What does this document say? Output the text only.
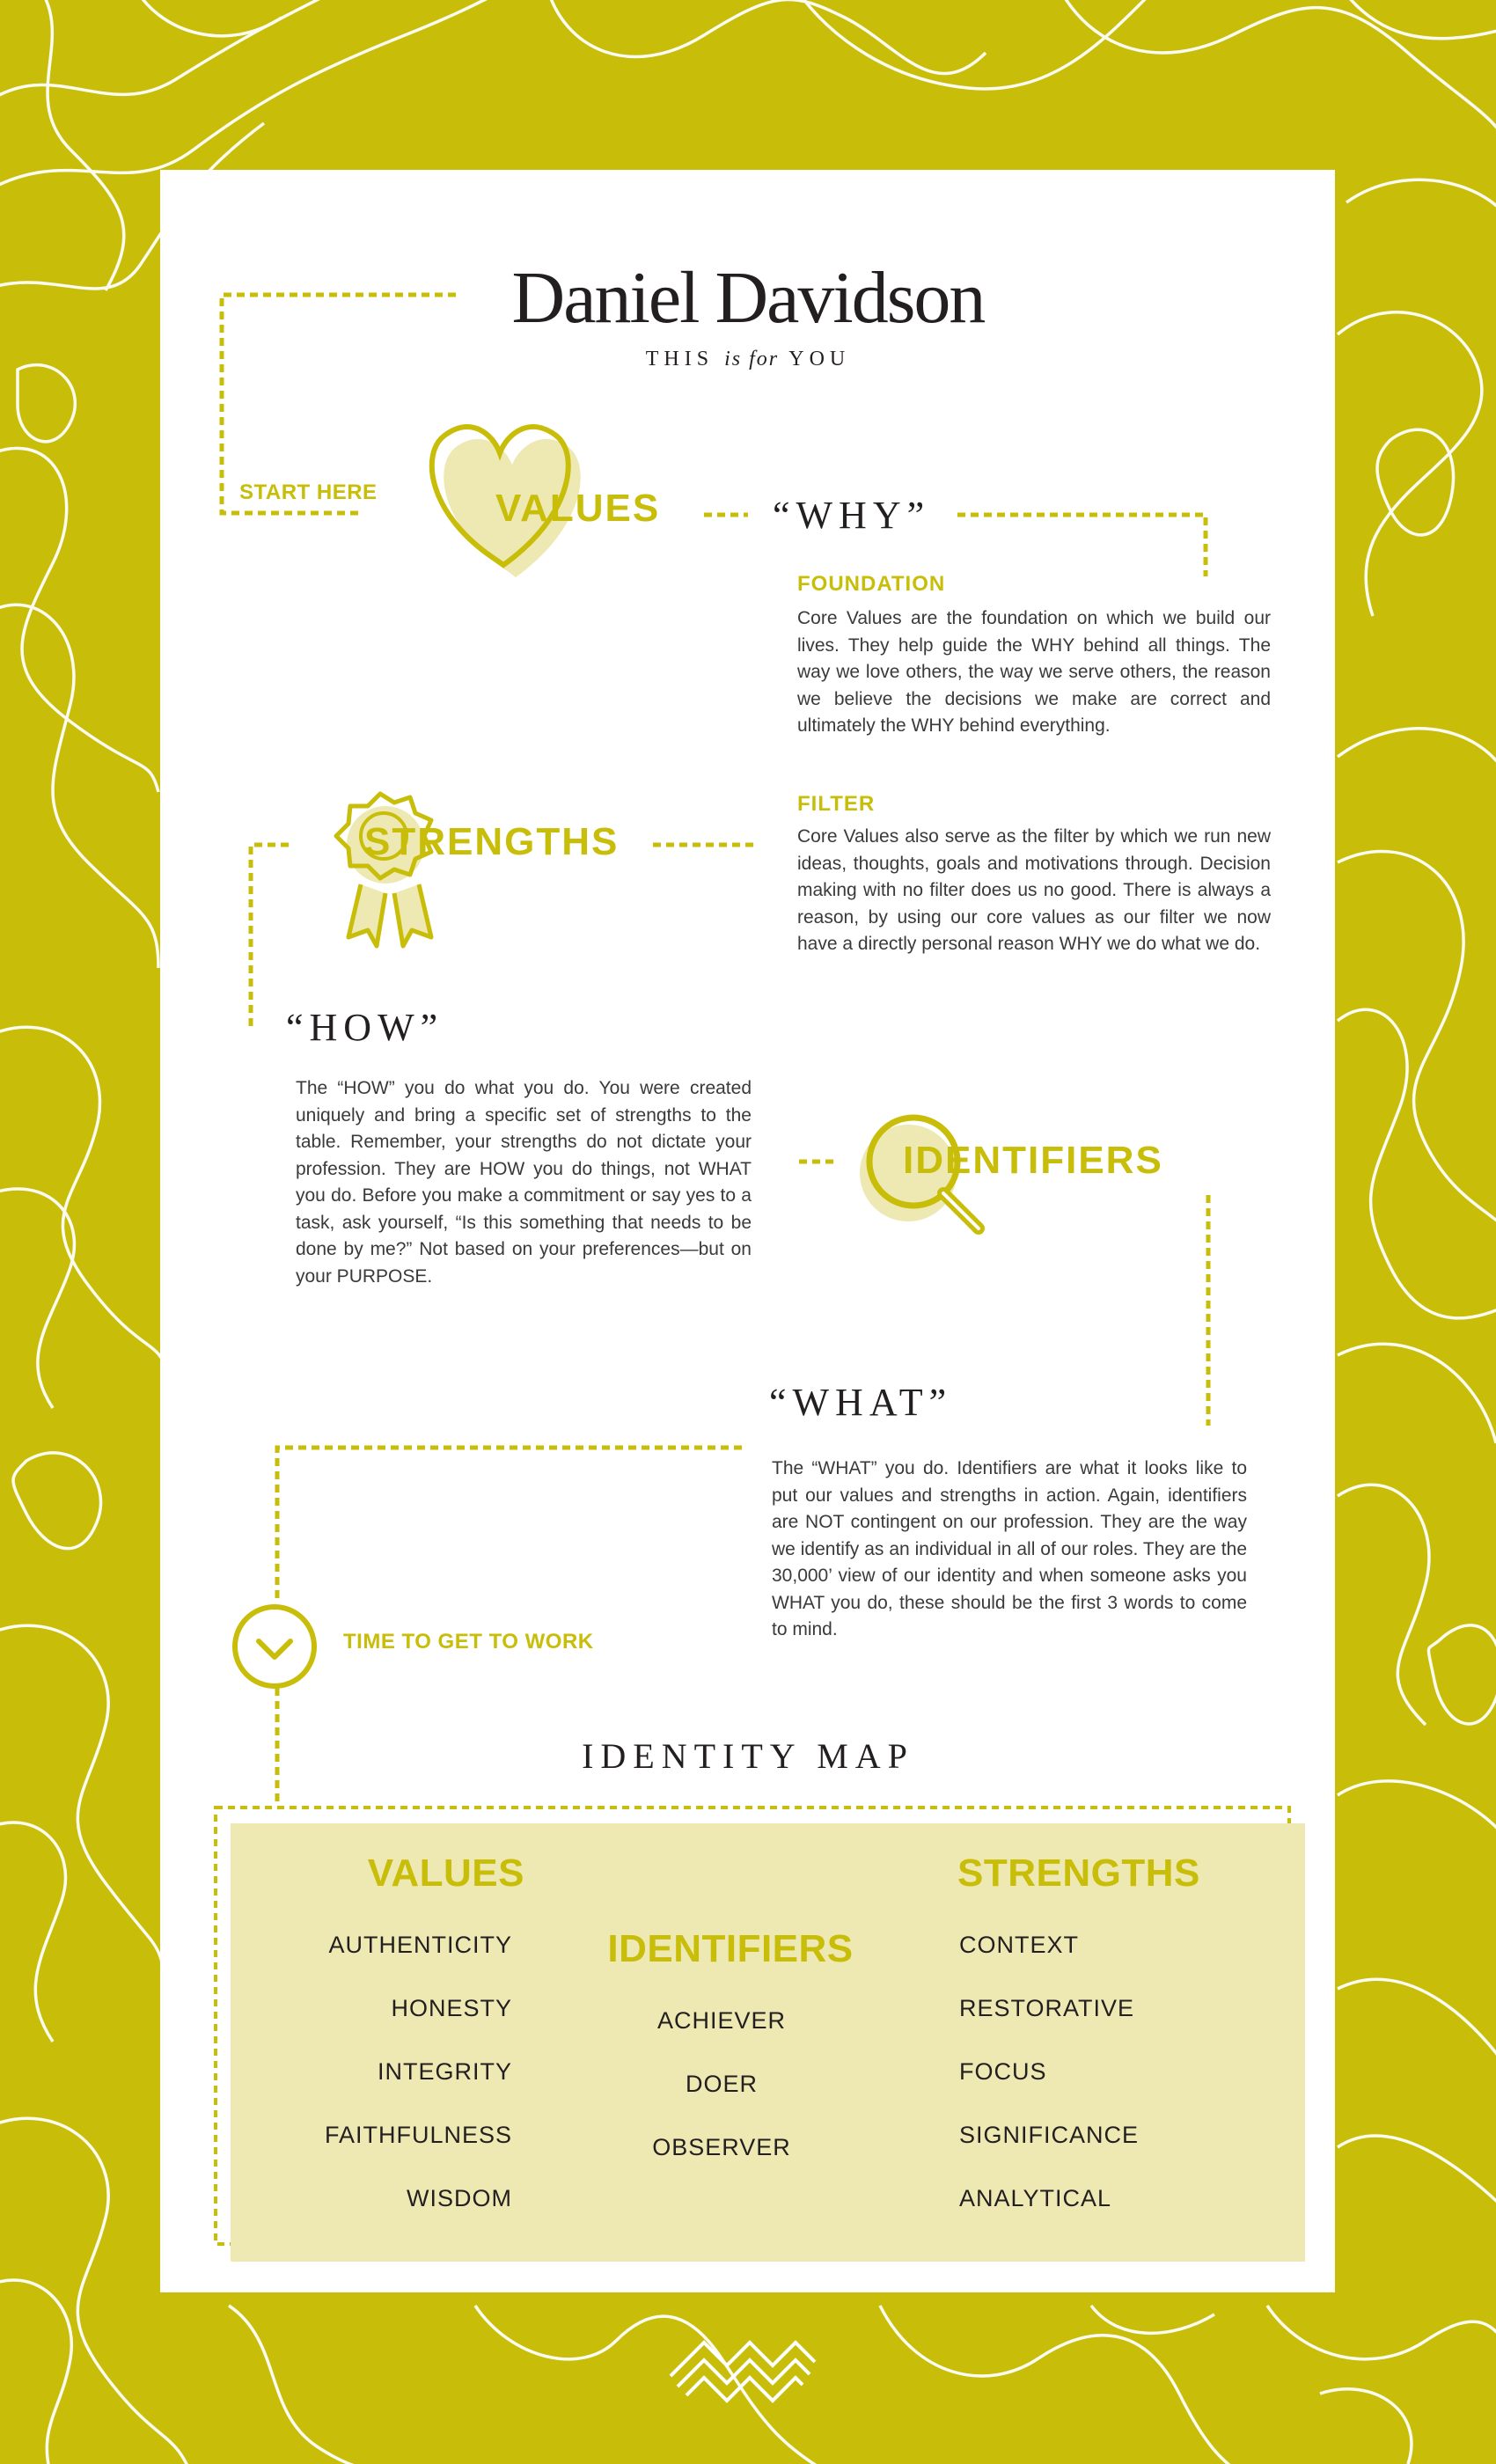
Daniel Davidson
THIS is for YOU
START HERE	VALUES	“WHY”
FOUNDATION

Core Values are the foundation on which we build our lives. They help guide the WHY behind all things. The way we love others, the way we serve others, the reason we believe the decisions we make are correct and ultimately the WHY behind everything.

FILTER

Core Values also serve as the filter by which we run new ideas, thoughts, goals and motivations through. Decision making with no filter does us no good. There is always a reason, by using our core values as our filter we now have a directly personal reason WHY we do what we do.

STRENGTHS
“HOW”

The “HOW” you do what you do. You were created uniquely and bring a specific set of strengths to the table. Remember, your strengths do not dictate your profession. They are HOW you do things, not WHAT you do. Before you make a commitment or say yes to a task, ask yourself, “Is this something that needs to be done by me?” Not based on your preferences—but on your PURPOSE.

IDENTIFIERS
“WHAT”

The “WHAT” you do. Identifiers are what it looks like to put our values and strengths in action. Again, identifiers are NOT contingent on our profession. They are the way we identify as an individual in all of our roles. They are the 30,000’ view of our identity and when someone asks you WHAT you do, these should be the first 3 words to come to mind.

TIME TO GET TO WORK
IDENTITY MAP
VALUES
AUTHENTICITY
HONESTY
INTEGRITY
FAITHFULNESS
WISDOM
IDENTIFIERS
ACHIEVER
DOER
OBSERVER
STRENGTHS
CONTEXT
RESTORATIVE
FOCUS
SIGNIFICANCE
ANALYTICAL
